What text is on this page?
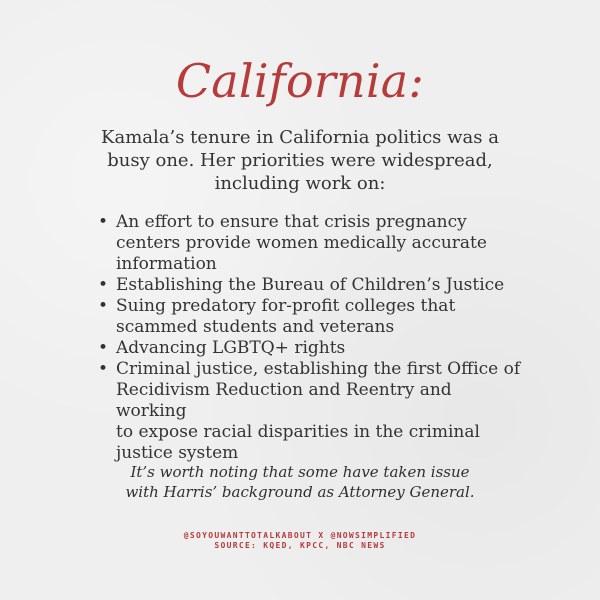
California:
Kamala’s tenure in California politics was a
busy one. Her priorities were widespread,
including work on:
• An effort to ensure that crisis pregnancy
centers provide women medically accurate
information
• Establishing the Bureau of Children’s Justice
• Suing predatory for-profit colleges that
scammed students and veterans
• Advancing LGBTQ+ rights
• Criminal justice, establishing the first Office of
Recidivism Reduction and Reentry and working
to expose racial disparities in the criminal
justice system
It’s worth noting that some have taken issue
with Harris’ background as Attorney General.
@SOYOUWANTTOTALKABOUT X @NOWSIMPLIFIED
SOURCE: KQED, KPCC, NBC NEWS
